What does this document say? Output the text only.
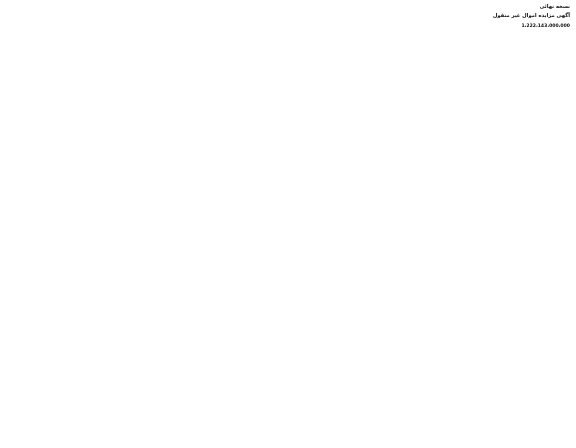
نسخه نهائی
آگهی مزایده اموال غیر منقول

1،222،143،000،000
